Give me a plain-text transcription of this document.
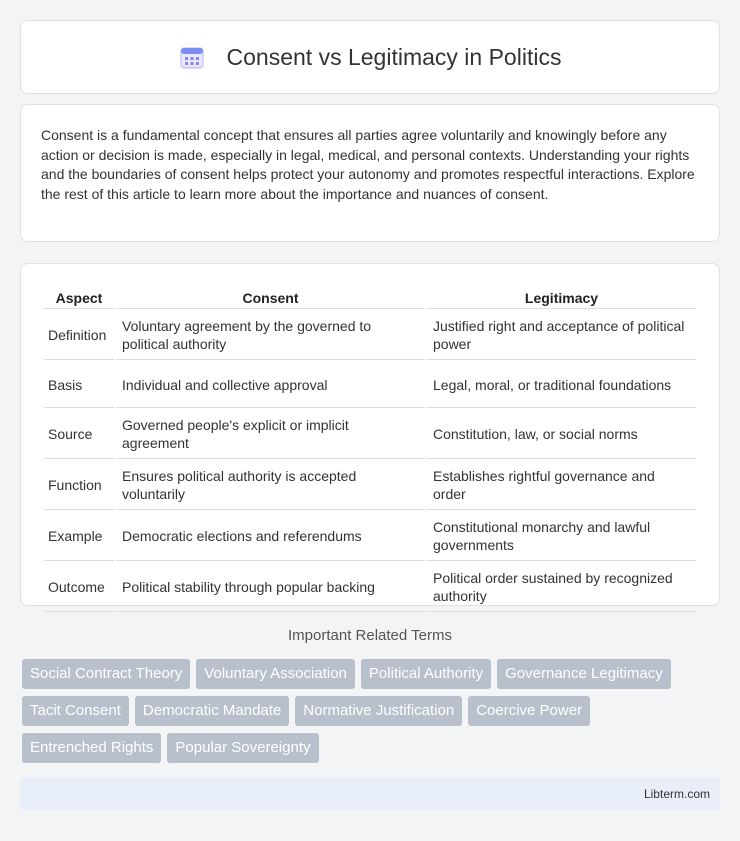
Consent vs Legitimacy in Politics

Consent is a fundamental concept that ensures all parties agree voluntarily and knowingly before any action or decision is made, especially in legal, medical, and personal contexts. Understanding your rights and the boundaries of consent helps protect your autonomy and promotes respectful interactions. Explore the rest of this article to learn more about the importance and nuances of consent.

Aspect	Consent	Legitimacy
Definition	Voluntary agreement by the governed to political authority	Justified right and acceptance of political power
Basis	Individual and collective approval	Legal, moral, or traditional foundations
Source	Governed people's explicit or implicit agreement	Constitution, law, or social norms
Function	Ensures political authority is accepted voluntarily	Establishes rightful governance and order
Example	Democratic elections and referendums	Constitutional monarchy and lawful governments
Outcome	Political stability through popular backing	Political order sustained by recognized authority
Important Related Terms
Social Contract Theory	Voluntary Association	Political Authority	Governance Legitimacy
Tacit Consent	Democratic Mandate	Normative Justification	Coercive Power
Entrenched Rights	Popular Sovereignty
Libterm.com
